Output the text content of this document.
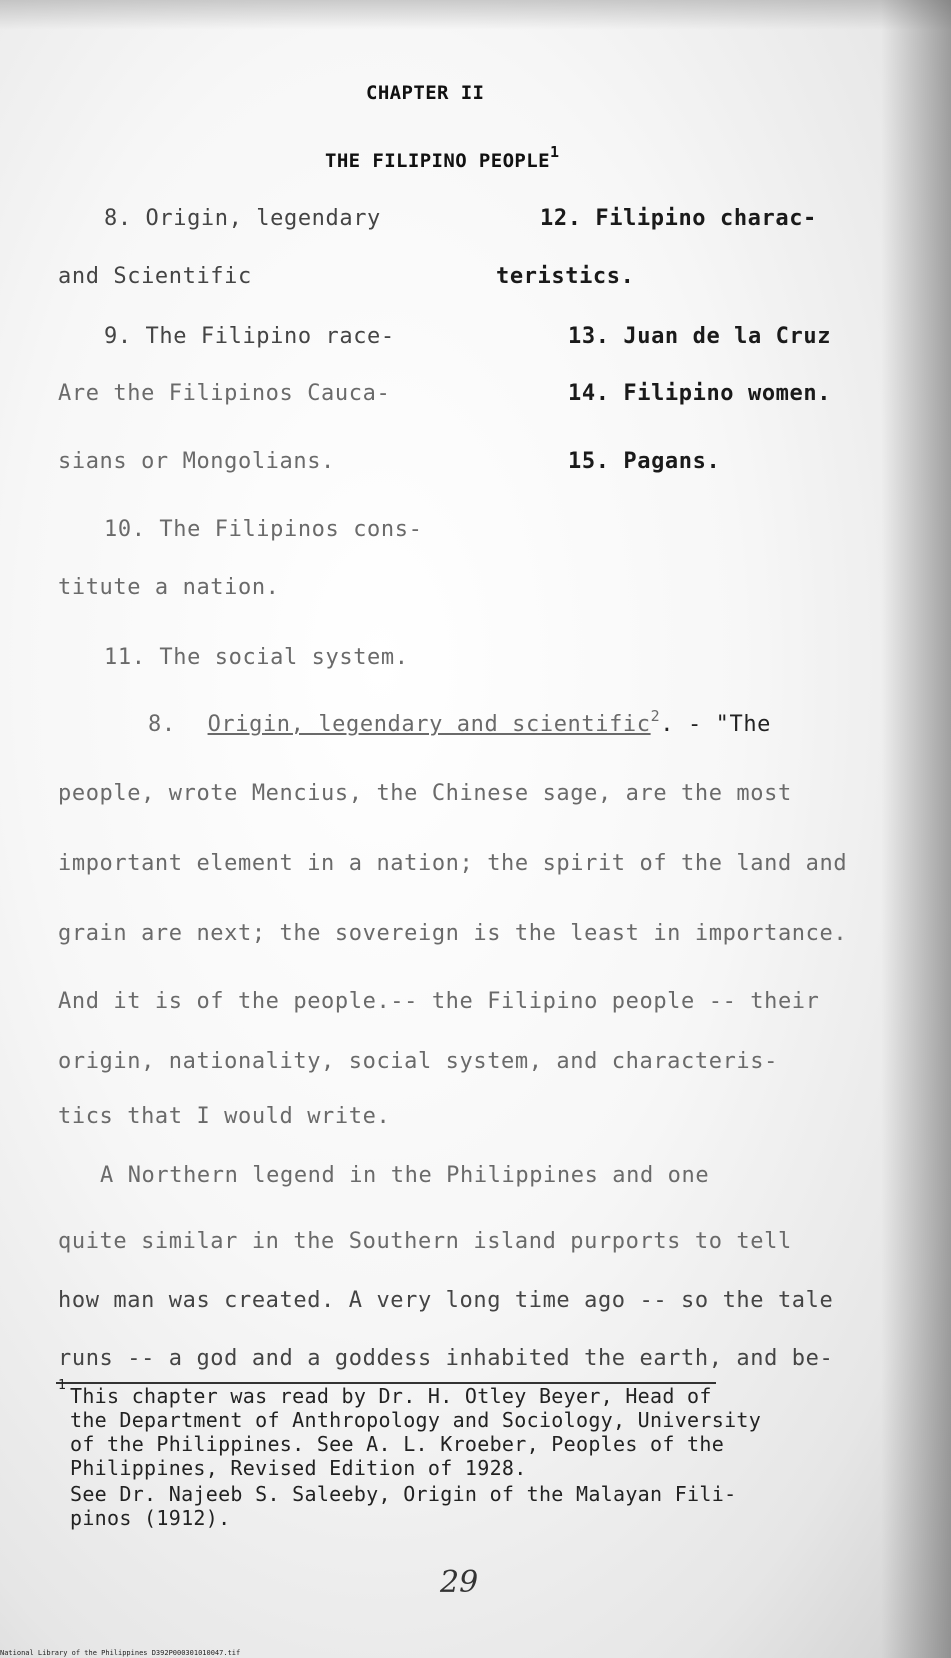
CHAPTER II
THE FILIPINO PEOPLE$^1$
8. Origin, legendary
and Scientific
9. The Filipino race-
Are the Filipinos Cauca-
sians or Mongolians.
10. The Filipinos cons-
titute a nation.
11. The social system.
12. Filipino charac-
teristics.
13. Juan de la Cruz
14. Filipino women.
15. Pagans.
8. Origin, legendary and scientific$^2$. - "The
people, wrote Mencius, the Chinese sage, are the most
important element in a nation; the spirit of the land and
grain are next; the sovereign is the least in importance.
And it is of the people.-- the Filipino people -- their
origin, nationality, social system, and characteris-
tics that I would write.
A Northern legend in the Philippines and one
quite similar in the Southern island purports to tell
how man was created. A very long time ago -- so the tale
runs -- a god and a goddess inhabited the earth, and be-
1 This chapter was read by Dr. H. Otley Beyer, Head of
the Department of Anthropology and Sociology, University
of the Philippines. See A. L. Kroeber, Peoples of the
Philippines, Revised Edition of 1928.
See Dr. Najeeb S. Saleeby, Origin of the Malayan Fili-
pinos (1912).
29
National Library of the Philippines D392P000301010047.tif
